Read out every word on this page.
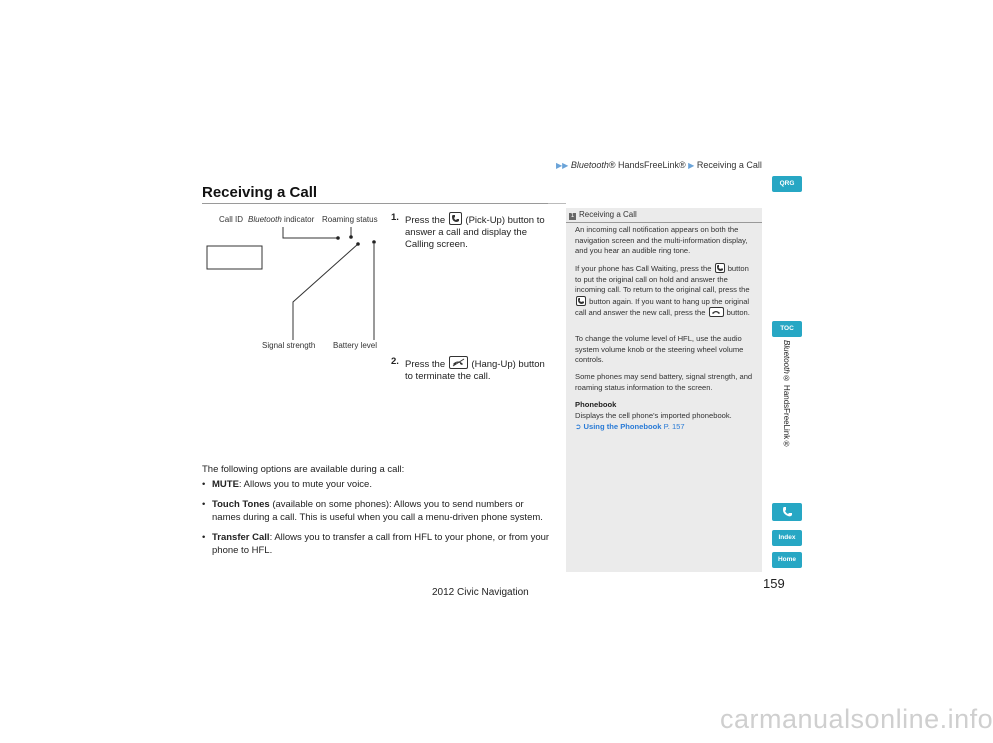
▶▶ Bluetooth® HandsFreeLink® ▶ Receiving a Call
Receiving a Call
Call ID Bluetooth indicator Roaming status
Signal strength Battery level
1. Press the
(Pick-Up) button to answer a call and display the Calling screen.
2. Press the
(Hang-Up) button to terminate the call.
The following options are available during a call:
• MUTE: Allows you to mute your voice.
• Touch Tones (available on some phones): Allows you to send numbers or names during a call. This is useful when you call a menu-driven phone system.
• Transfer Call: Allows you to transfer a call from HFL to your phone, or from your phone to HFL.
1 Receiving a Call
An incoming call notification appears on both the navigation screen and the multi-information display, and you hear an audible ring tone.
If your phone has Call Waiting, press the
button to put the original call on hold and answer the incoming call. To return to the original call, press the
button again. If you want to hang up the original call and answer the new call, press the
button.
To change the volume level of HFL, use the audio system volume knob or the steering wheel volume controls.
Some phones may send battery, signal strength, and roaming status information to the screen.
Phonebook
Displays the cell phone's imported phonebook.
➲ Using the Phonebook P. 157
QRG
TOC
Bluetooth® HandsFreeLink®
Index
Home
159
2012 Civic Navigation
carmanualsonline.info
